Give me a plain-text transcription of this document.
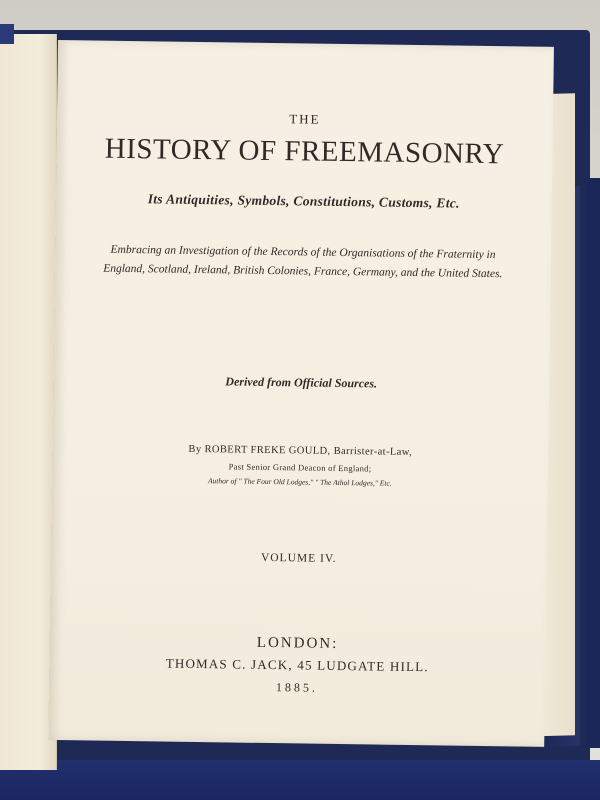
THE
HISTORY OF FREEMASONRY
Its Antiquities, Symbols, Constitutions, Customs, Etc.
Embracing an Investigation of the Records of the Organisations of the Fraternity in England, Scotland, Ireland, British Colonies, France, Germany, and the United States.
Derived from Official Sources.
By ROBERT FREKE GOULD, Barrister-at-Law,
Past Senior Grand Deacon of England;
Author of " The Four Old Lodges," " The Athol Lodges," Etc.
VOLUME IV.
LONDON:
THOMAS C. JACK, 45 LUDGATE HILL.
1885.
